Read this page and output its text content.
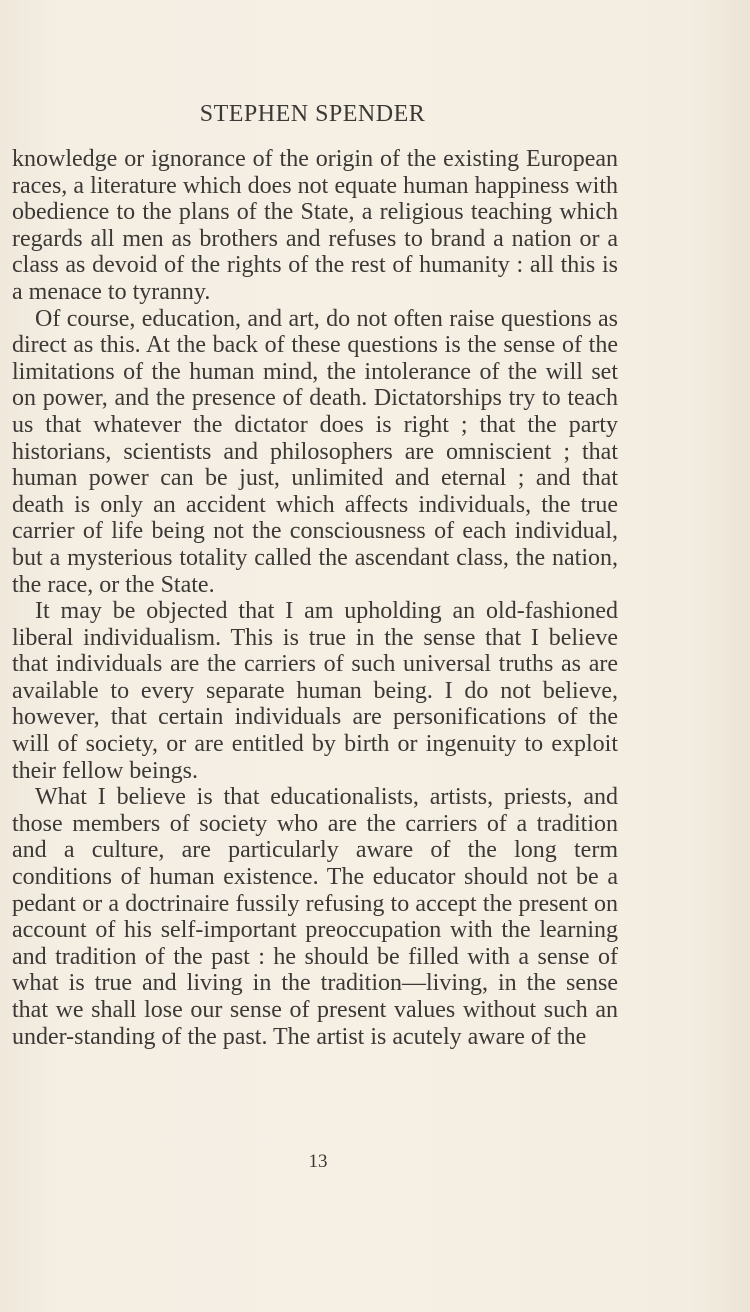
STEPHEN SPENDER

knowledge or ignorance of the origin of the existing European races, a literature which does not equate human happiness with obedience to the plans of the State, a religious teaching which regards all men as brothers and refuses to brand a nation or a class as devoid of the rights of the rest of humanity : all this is a menace to tyranny.

Of course, education, and art, do not often raise questions as direct as this. At the back of these questions is the sense of the limitations of the human mind, the intolerance of the will set on power, and the presence of death. Dictatorships try to teach us that whatever the dictator does is right ; that the party historians, scientists and philosophers are omniscient ; that human power can be just, unlimited and eternal ; and that death is only an accident which affects individuals, the true carrier of life being not the consciousness of each individual, but a mysterious totality called the ascendant class, the nation, the race, or the State.

It may be objected that I am upholding an old-fashioned liberal individualism. This is true in the sense that I believe that individuals are the carriers of such universal truths as are available to every separate human being. I do not believe, however, that certain individuals are personifications of the will of society, or are entitled by birth or ingenuity to exploit their fellow beings.

What I believe is that educationalists, artists, priests, and those members of society who are the carriers of a tradition and a culture, are particularly aware of the long term conditions of human existence. The educator should not be a pedant or a doctrinaire fussily refusing to accept the present on account of his self-important preoccupation with the learning and tradition of the past : he should be filled with a sense of what is true and living in the tradition—living, in the sense that we shall lose our sense of present values without such an under-standing of the past. The artist is acutely aware of the

13
